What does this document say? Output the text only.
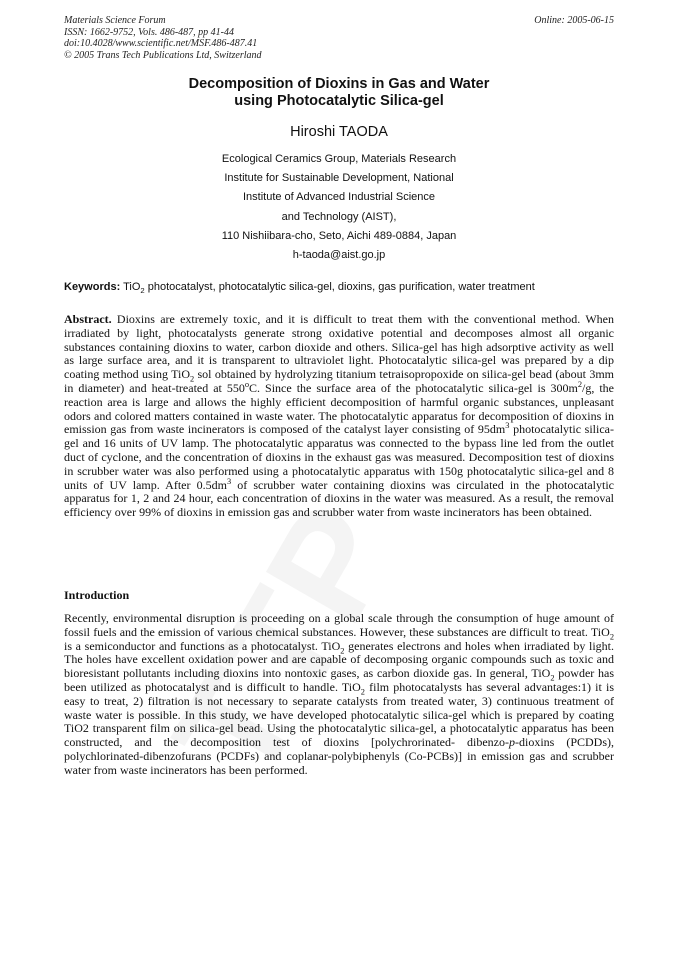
Materials Science Forum
ISSN: 1662-9752, Vols. 486-487, pp 41-44
doi:10.4028/www.scientific.net/MSF.486-487.41
© 2005 Trans Tech Publications Ltd, Switzerland
Online: 2005-06-15
Decomposition of Dioxins in Gas and Water
using Photocatalytic Silica-gel
Hiroshi TAODA
Ecological Ceramics Group, Materials Research
Institute for Sustainable Development, National
Institute of Advanced Industrial Science
and Technology (AIST),
110 Nishiibara-cho, Seto, Aichi 489-0884, Japan
h-taoda@aist.go.jp
Keywords: TiO$_2$ photocatalyst, photocatalytic silica-gel, dioxins, gas purification, water treatment
Abstract. Dioxins are extremely toxic, and it is difficult to treat them with the conventional method. When irradiated by light, photocatalysts generate strong oxidative potential and decomposes almost all organic substances containing dioxins to water, carbon dioxide and others. Silica-gel has high adsorptive activity as well as large surface area, and it is transparent to ultraviolet light. Photocatalytic silica-gel was prepared by a dip coating method using TiO$_2$ sol obtained by hydrolyzing titanium tetraisopropoxide on silica-gel bead (about 3mm in diameter) and heat-treated at 550$^o$C. Since the surface area of the photocatalytic silica-gel is $300m^2/g$, the reaction area is large and allows the highly efficient decomposition of harmful organic substances, unpleasant odors and colored matters contained in waste water. The photocatalytic apparatus for decomposition of dioxins in emission gas from waste incinerators is composed of the catalyst layer consisting of $95dm^3$ photocatalytic silica-gel and 16 units of UV lamp. The photocatalytic apparatus was connected to the bypass line led from the outlet duct of cyclone, and the concentration of dioxins in the exhaust gas was measured. Decomposition test of dioxins in scrubber water was also performed using a photocatalytic apparatus with 150g photocatalytic silica-gel and 8 units of UV lamp. After $0.5dm^3$ of scrubber water containing dioxins was circulated in the photocatalytic apparatus for 1, 2 and 24 hour, each concentration of dioxins in the water was measured. As a result, the removal efficiency over 99% of dioxins in emission gas and scrubber water from waste incinerators has been obtained.
Introduction
Recently, environmental disruption is proceeding on a global scale through the consumption of huge amount of fossil fuels and the emission of various chemical substances. However, these substances are difficult to treat. TiO$_2$ is a semiconductor and functions as a photocatalyst. TiO$_2$ generates electrons and holes when irradiated by light. The holes have excellent oxidation power and are capable of decomposing organic compounds such as toxic and bioresistant pollutants including dioxins into nontoxic gases, as carbon dioxide gas. In general, TiO$_2$ powder has been utilized as photocatalyst and is difficult to handle. TiO$_2$ film photocatalysts has several advantages:1) it is easy to treat, 2) filtration is not necessary to separate catalysts from treated water, 3) continuous treatment of waste water is possible. In this study, we have developed photocatalytic silica-gel which is prepared by coating TiO2 transparent film on silica-gel bead. Using the photocatalytic silica-gel, a photocatalytic apparatus has been constructed, and the decomposition test of dioxins [polychrorinated- dibenzo-p-dioxins (PCDDs), polychlorinated-dibenzofurans (PCDFs) and coplanar-polybiphenyls (Co-PCBs)] in emission gas and scrubber water from waste incinerators has been performed.
